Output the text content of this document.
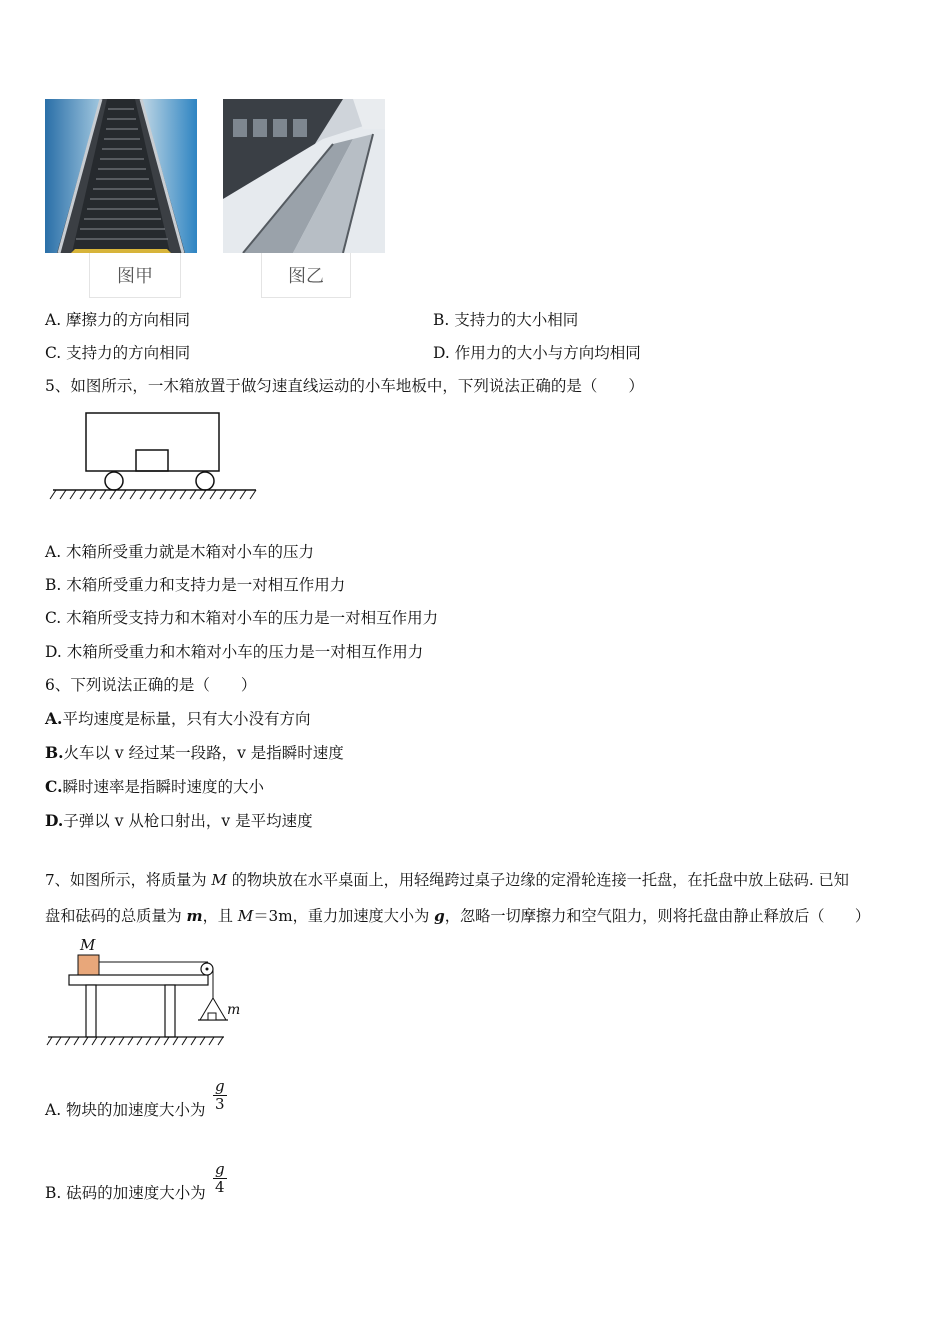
图甲	图乙
A. 摩擦力的方向相同	B. 支持力的大小相同
C. 支持力的方向相同	D. 作用力的大小与方向均相同
5、如图所示，一木箱放置于做匀速直线运动的小车地板中，下列说法正确的是（　　）
A. 木箱所受重力就是木箱对小车的压力
B. 木箱所受重力和支持力是一对相互作用力
C. 木箱所受支持力和木箱对小车的压力是一对相互作用力
D. 木箱所受重力和木箱对小车的压力是一对相互作用力
6、下列说法正确的是（　　）
A.平均速度是标量，只有大小没有方向
B.火车以 v 经过某一段路，v 是指瞬时速度
C.瞬时速率是指瞬时速度的大小
D.子弹以 v 从枪口射出，v 是平均速度
7、如图所示，将质量为 M 的物块放在水平桌面上，用轻绳跨过桌子边缘的定滑轮连接一托盘，在托盘中放上砝码. 已知
盘和砝码的总质量为 m，且 M＝3m，重力加速度大小为 g，忽略一切摩擦力和空气阻力，则将托盘由静止释放后（　　）
M
m
A. 物块的加速度大小为 $\frac{g}{3}$
B. 砝码的加速度大小为 $\frac{g}{4}$
